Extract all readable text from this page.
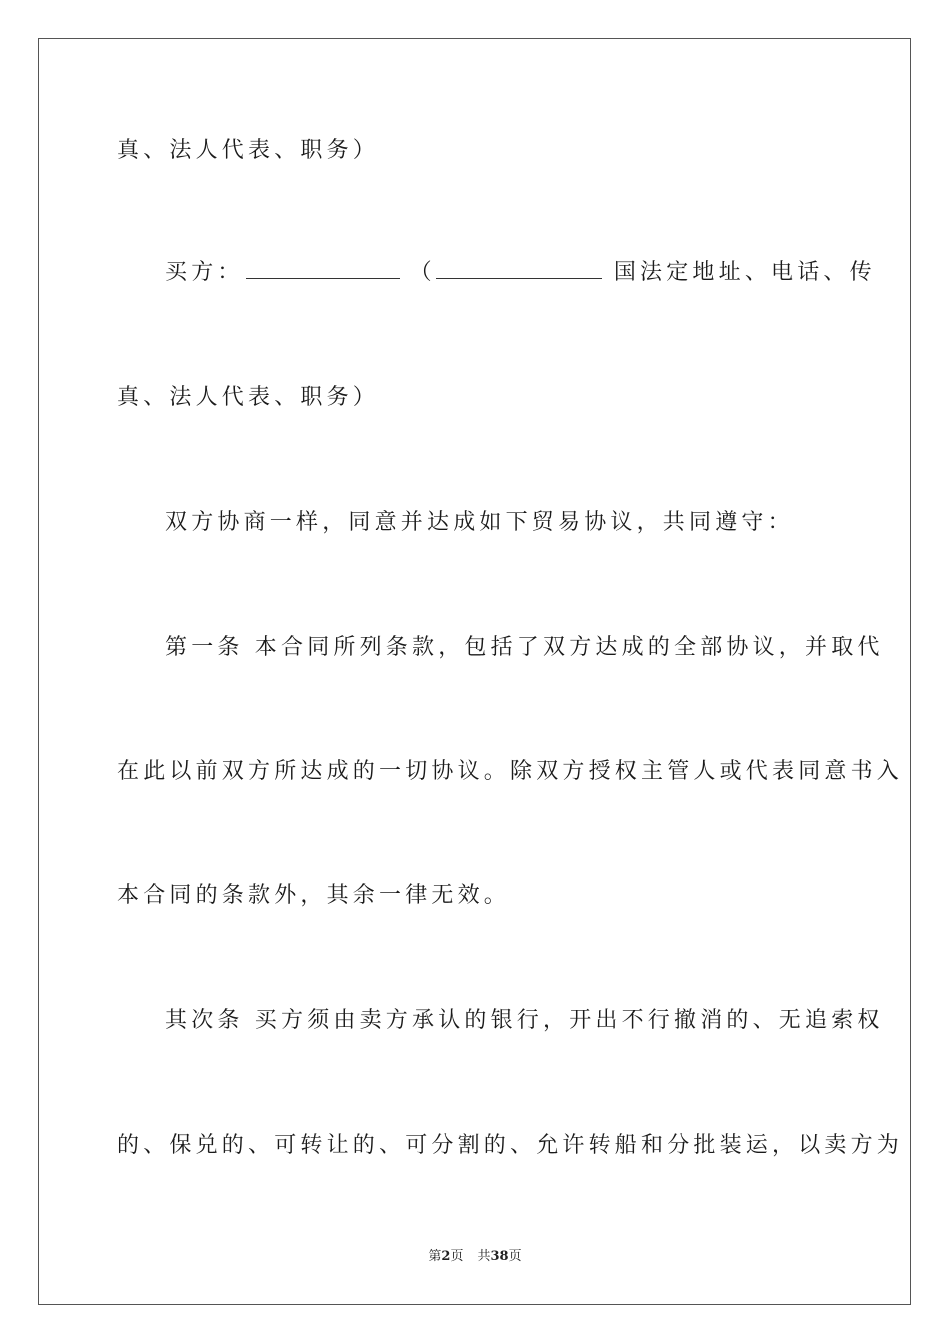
真、法人代表、职务）
买方：	（	国法定地址、电话、传
真、法人代表、职务）
双方协商一样，同意并达成如下贸易协议，共同遵守：
第一条 本合同所列条款，包括了双方达成的全部协议，并取代
在此以前双方所达成的一切协议。除双方授权主管人或代表同意书入
本合同的条款外，其余一律无效。
其次条 买方须由卖方承认的银行，开出不行撤消的、无追索权
的、保兑的、可转让的、可分割的、允许转船和分批装运，以卖方为
第2页 共38页
